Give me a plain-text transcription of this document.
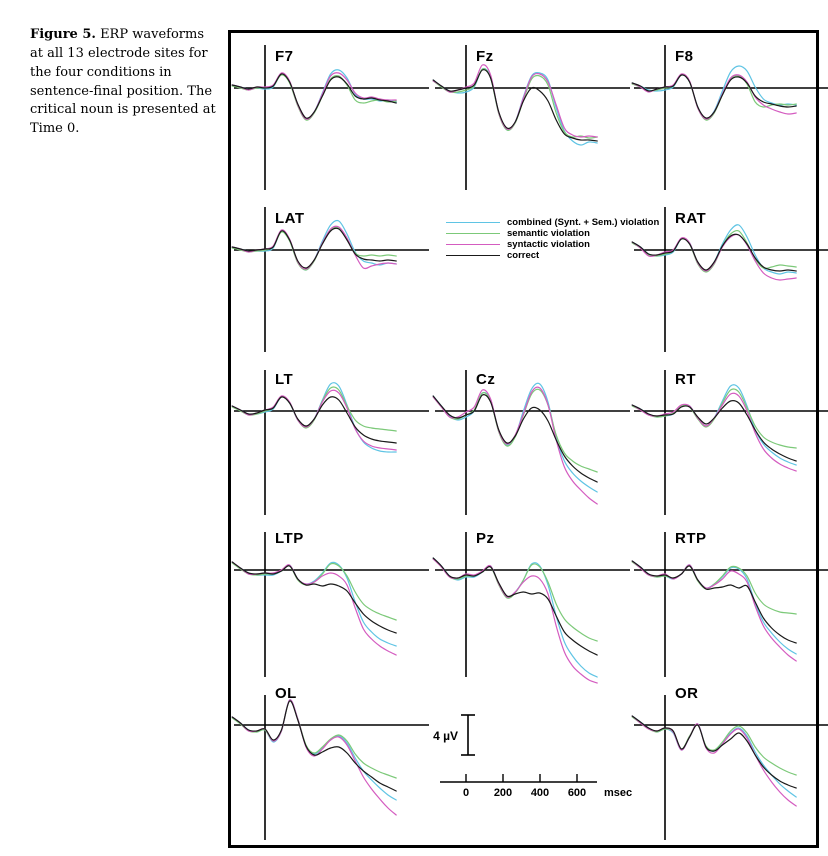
Figure 5. ERP waveforms at all 13 electrode sites for the four conditions in sentence-final position. The critical noun is presented at Time 0.
F7	Fz	F8
LAT	RAT
LT	Cz	RT
LTP	Pz	RTP
OL	OR
combined (Synt. + Sem.) violation
semantic violation
syntactic violation
correct
4 µV
0 200 400 600 msec
